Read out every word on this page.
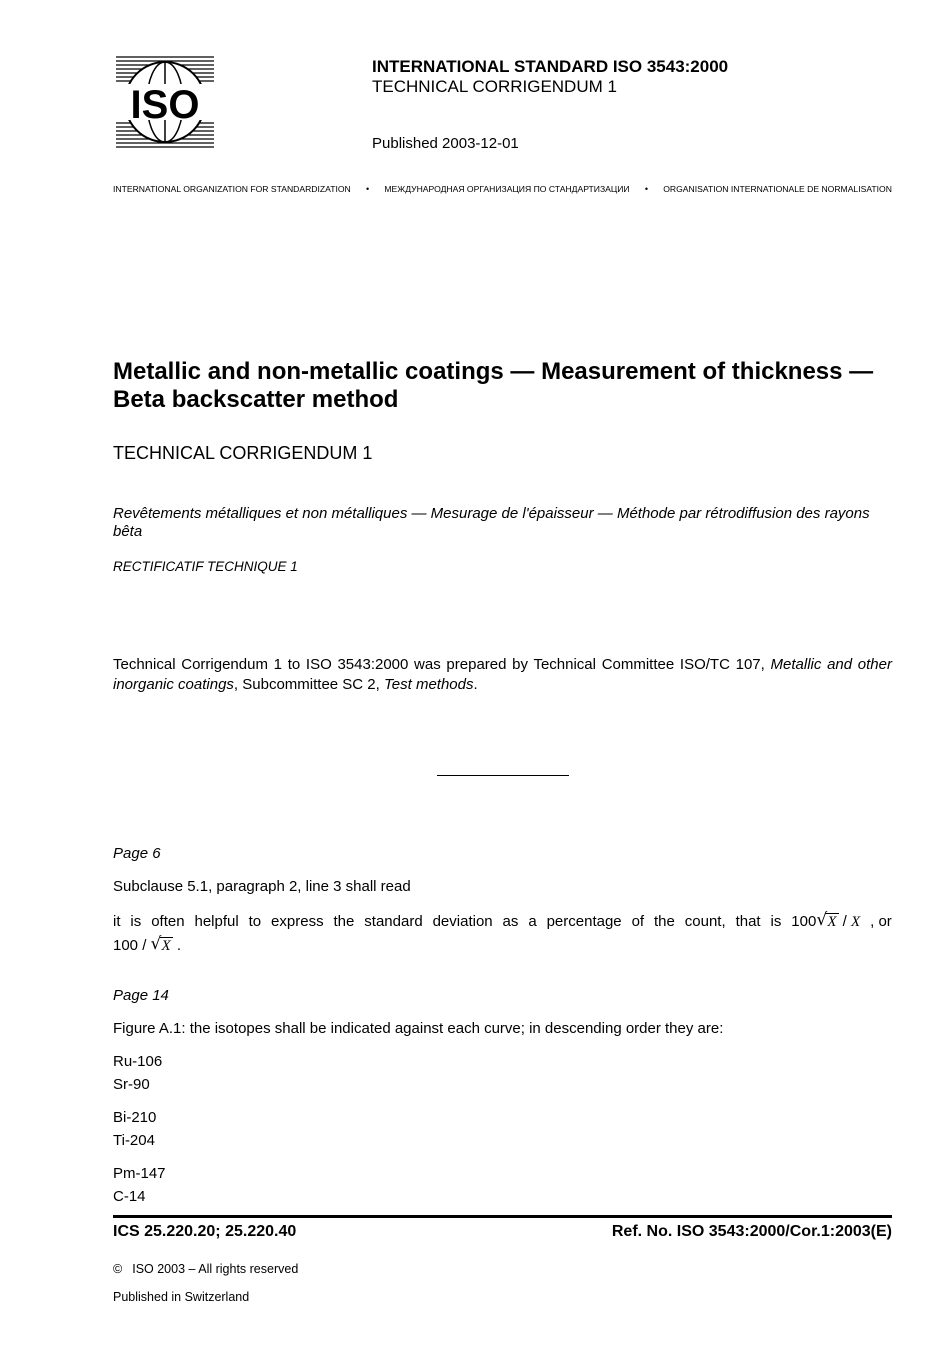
ISO
INTERNATIONAL STANDARD ISO 3543:2000
TECHNICAL CORRIGENDUM 1
Published 2003-12-01
INTERNATIONAL ORGANIZATION FOR STANDARDIZATION • МЕЖДУНАРОДНАЯ ОРГАНИЗАЦИЯ ПО СТАНДАРТИЗАЦИИ • ORGANISATION INTERNATIONALE DE NORMALISATION
Metallic and non-metallic coatings — Measurement of thickness — Beta backscatter method
TECHNICAL CORRIGENDUM 1
Revêtements métalliques et non métalliques — Mesurage de l'épaisseur — Méthode par rétrodiffusion des rayons bêta
RECTIFICATIF TECHNIQUE 1
Technical Corrigendum 1 to ISO 3543:2000 was prepared by Technical Committee ISO/TC 107, Metallic and other inorganic coatings, Subcommittee SC 2, Test methods.
Page 6
Subclause 5.1, paragraph 2, line 3 shall read
it is often helpful to express the standard deviation as a percentage of the count, that is 100 √ X / X , or
100 / √ X .
Page 14
Figure A.1: the isotopes shall be indicated against each curve; in descending order they are:
Ru-106
Sr-90
Bi-210
Ti-204
Pm-147
C-14
ICS 25.220.20; 25.220.40	Ref. No. ISO 3543:2000/Cor.1:2003(E)
© ISO 2003 – All rights reserved
Published in Switzerland
